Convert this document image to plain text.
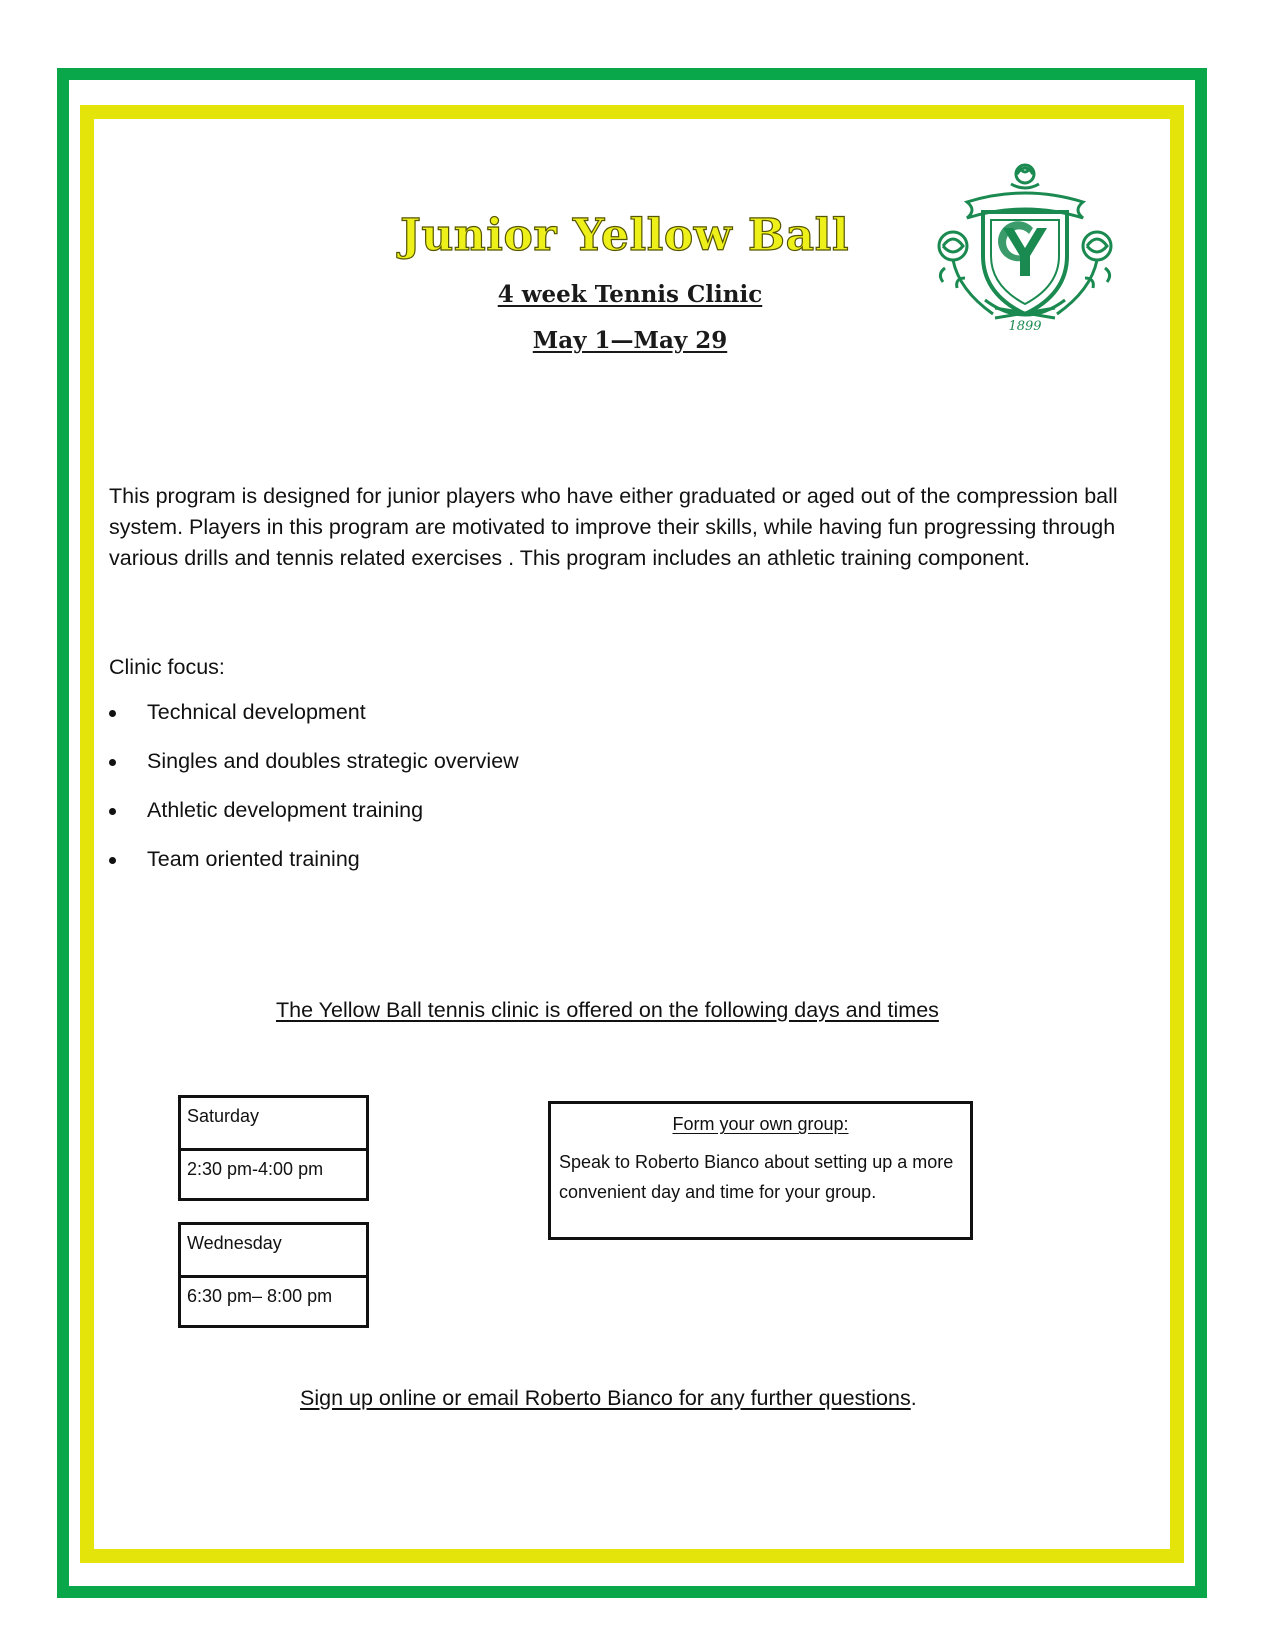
Junior Yellow Ball

4 week Tennis Clinic

May 1—May 29

1899

This program is designed for junior players who have either graduated or aged out of the compression ball system. Players in this program are motivated to improve their skills, while having fun progressing through various drills and tennis related exercises . This program includes an athletic training component.

Clinic focus:

Technical development
Singles and doubles strategic overview
Athletic development training
Team oriented training

The Yellow Ball tennis clinic is offered on the following days and times

Saturday
2:30 pm-4:00 pm
Wednesday
6:30 pm– 8:00 pm
Form your own group:
Speak to Roberto Bianco about setting up a more convenient day and time for your group.

Sign up online or email Roberto Bianco for any further questions.
